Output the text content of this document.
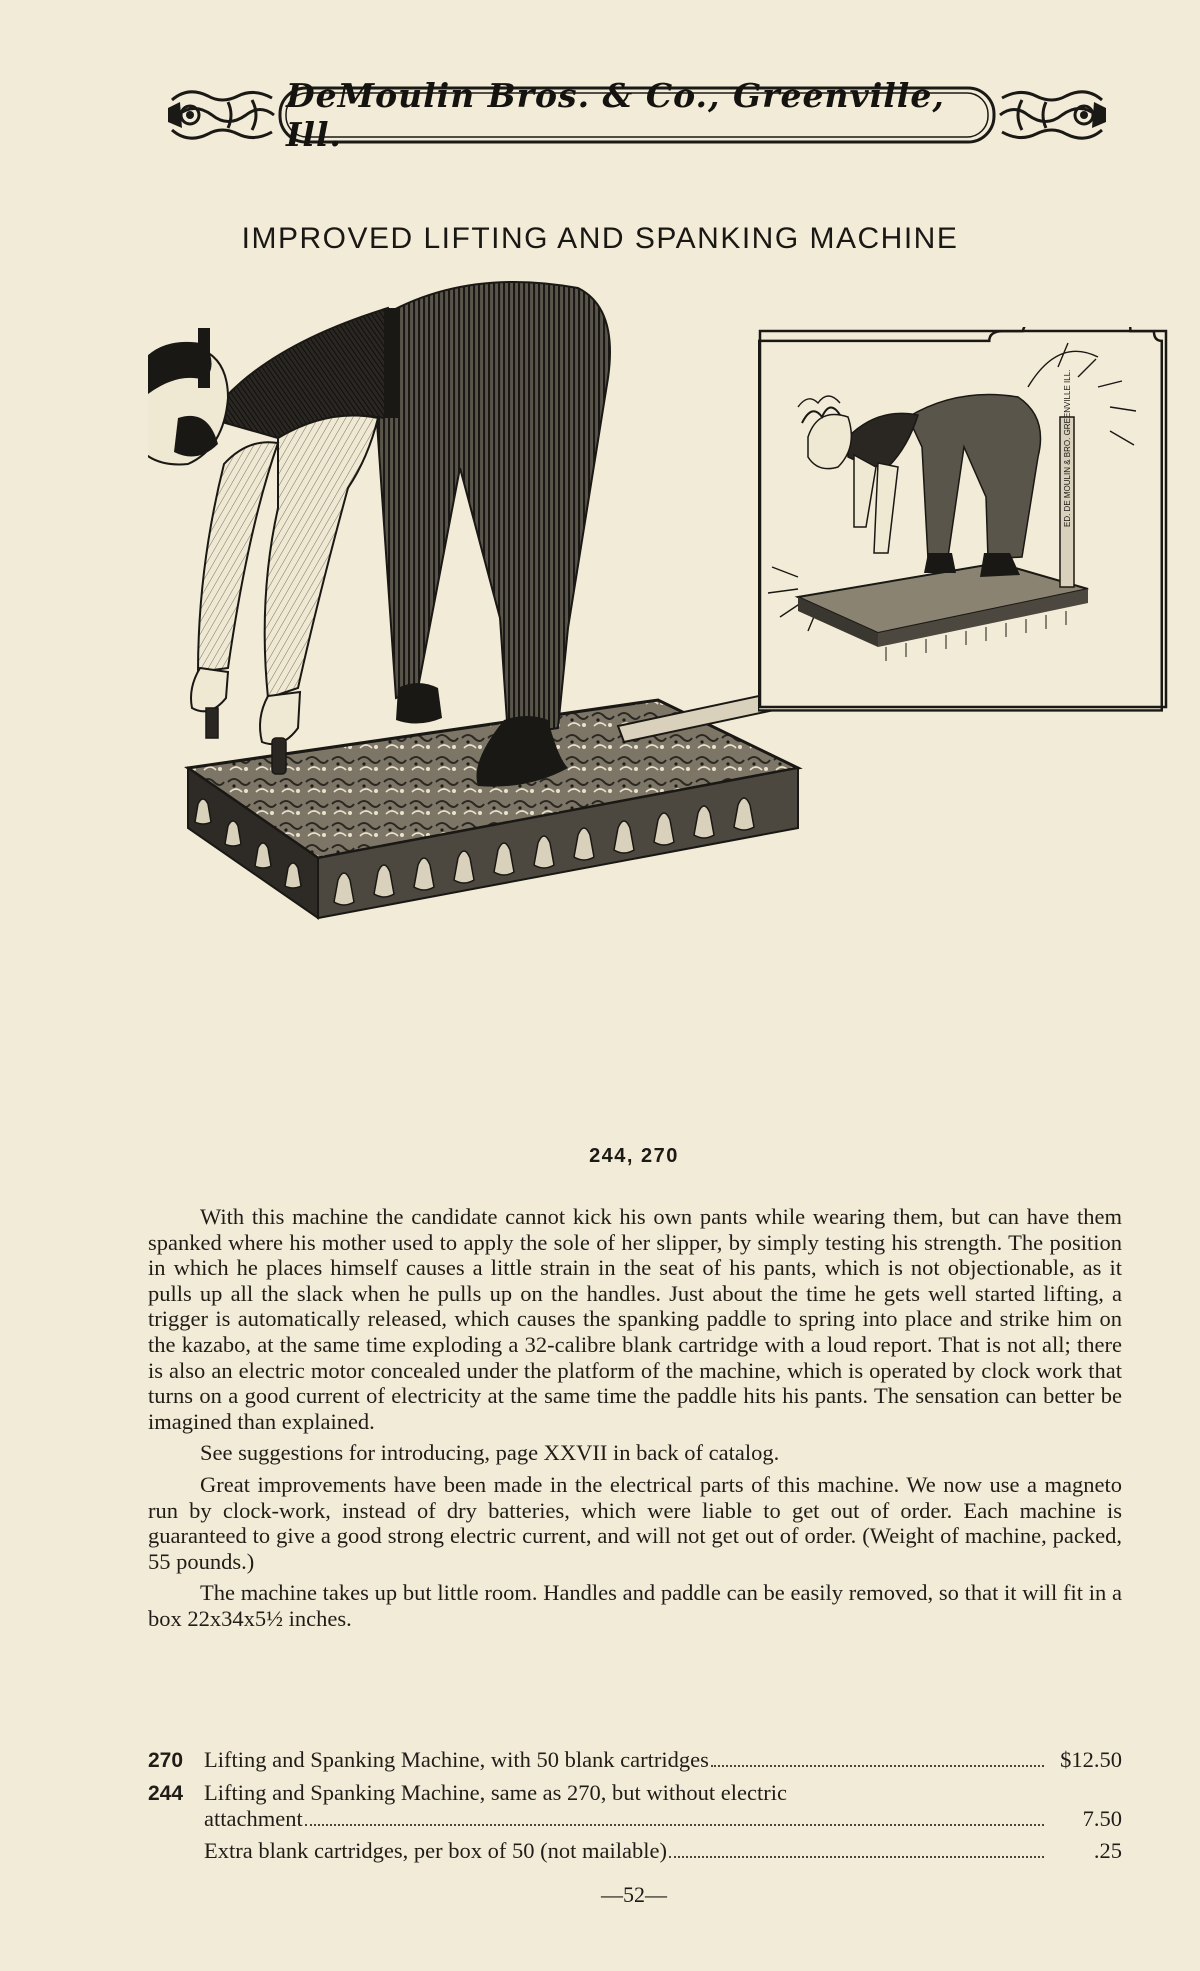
DeMoulin Bros. & Co., Greenville, Ill.
IMPROVED LIFTING AND SPANKING MACHINE
ED. DE MOULIN & BRO. GREENVILLE ILL.
244, 270

With this machine the candidate cannot kick his own pants while wearing them, but can have them spanked where his mother used to apply the sole of her slipper, by simply testing his strength. The position in which he places himself causes a little strain in the seat of his pants, which is not objectionable, as it pulls up all the slack when he pulls up on the handles. Just about the time he gets well started lifting, a trigger is automatically released, which causes the spanking paddle to spring into place and strike him on the kazabo, at the same time exploding a 32-calibre blank cartridge with a loud report. That is not all; there is also an electric motor concealed under the platform of the machine, which is operated by clock work that turns on a good current of electricity at the same time the paddle hits his pants. The sensation can better be imagined than explained.

See suggestions for introducing, page XXVII in back of catalog.

Great improvements have been made in the electrical parts of this machine. We now use a magneto run by clock-work, instead of dry batteries, which were liable to get out of order. Each machine is guaranteed to give a good strong electric current, and will not get out of order. (Weight of machine, packed, 55 pounds.)

The machine takes up but little room. Handles and paddle can be easily removed, so that it will fit in a box 22x34x5½ inches.

270 Lifting and Spanking Machine, with 50 blank cartridges	$12.50
244 Lifting and Spanking Machine, same as 270, but without electric
attachment	7.50
Extra blank cartridges, per box of 50 (not mailable)	.25
—52—
